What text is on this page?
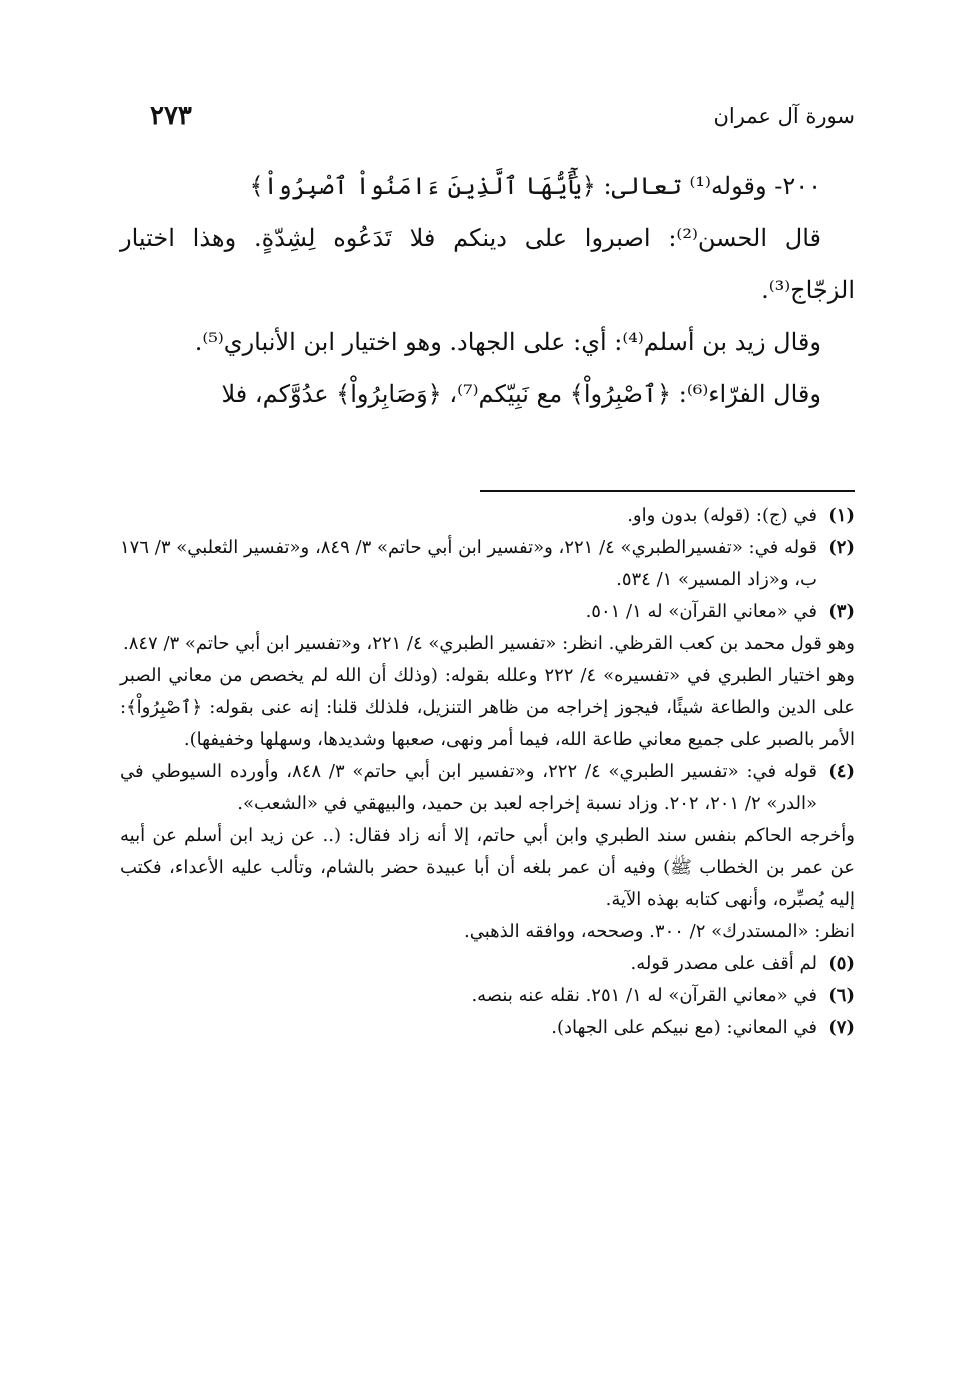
سورة آل عمران
٢٧٣

٢٠٠- وقوله⁽¹⁾ تعالى: ﴿يَٰٓأَيُّهَا ٱلَّذِينَ ءَامَنُواْ ٱصْبِرُواْ﴾

قال الحسن⁽²⁾: اصبروا على دينكم فلا تَدَعُوه لِشِدّةٍ. وهذا اختيار الزجّاج⁽³⁾.

وقال زيد بن أسلم⁽⁴⁾: أي: على الجهاد. وهو اختيار ابن الأنباري⁽⁵⁾.

وقال الفرّاء⁽⁶⁾: ﴿ٱصْبِرُواْ﴾ مع نَبِيّكم⁽⁷⁾، ﴿وَصَابِرُواْ﴾ عدُوَّكم، فلا

(١)

في (ج): (قوله) بدون واو.

(٢)

قوله في: «تفسيرالطبري» ٤/ ٢٢١، و«تفسير ابن أبي حاتم» ٣/ ٨٤٩، و«تفسير الثعلبي» ٣/ ١٧٦ ب، و«زاد المسير» ١/ ٥٣٤.

(٣)

في «معاني القرآن» له ١/ ٥٠١.

وهو قول محمد بن كعب القرظي. انظر: «تفسير الطبري» ٤/ ٢٢١، و«تفسير ابن أبي حاتم» ٣/ ٨٤٧.

وهو اختيار الطبري في «تفسيره» ٤/ ٢٢٢ وعلله بقوله: (وذلك أن الله لم يخصص من معاني الصبر على الدين والطاعة شيئًا، فيجوز إخراجه من ظاهر التنزيل، فلذلك قلنا: إنه عنى بقوله: ﴿ٱصْبِرُواْ﴾: الأمر بالصبر على جميع معاني طاعة الله، فيما أمر ونهى، صعبها وشديدها، وسهلها وخفيفها).

(٤)

قوله في: «تفسير الطبري» ٤/ ٢٢٢، و«تفسير ابن أبي حاتم» ٣/ ٨٤٨، وأورده السيوطي في «الدر» ٢/ ٢٠١، ٢٠٢. وزاد نسبة إخراجه لعبد بن حميد، والبيهقي في «الشعب».

وأخرجه الحاكم بنفس سند الطبري وابن أبي حاتم، إلا أنه زاد فقال: (.. عن زيد ابن أسلم عن أبيه عن عمر بن الخطاب ﷺ) وفيه أن عمر بلغه أن أبا عبيدة حضر بالشام، وتألب عليه الأعداء، فكتب إليه يُصبِّره، وأنهى كتابه بهذه الآية.

انظر: «المستدرك» ٢/ ٣٠٠. وصححه، ووافقه الذهبي.

(٥)

لم أقف على مصدر قوله.

(٦)

في «معاني القرآن» له ١/ ٢٥١. نقله عنه بنصه.

(٧)

في المعاني: (مع نبيكم على الجهاد).
